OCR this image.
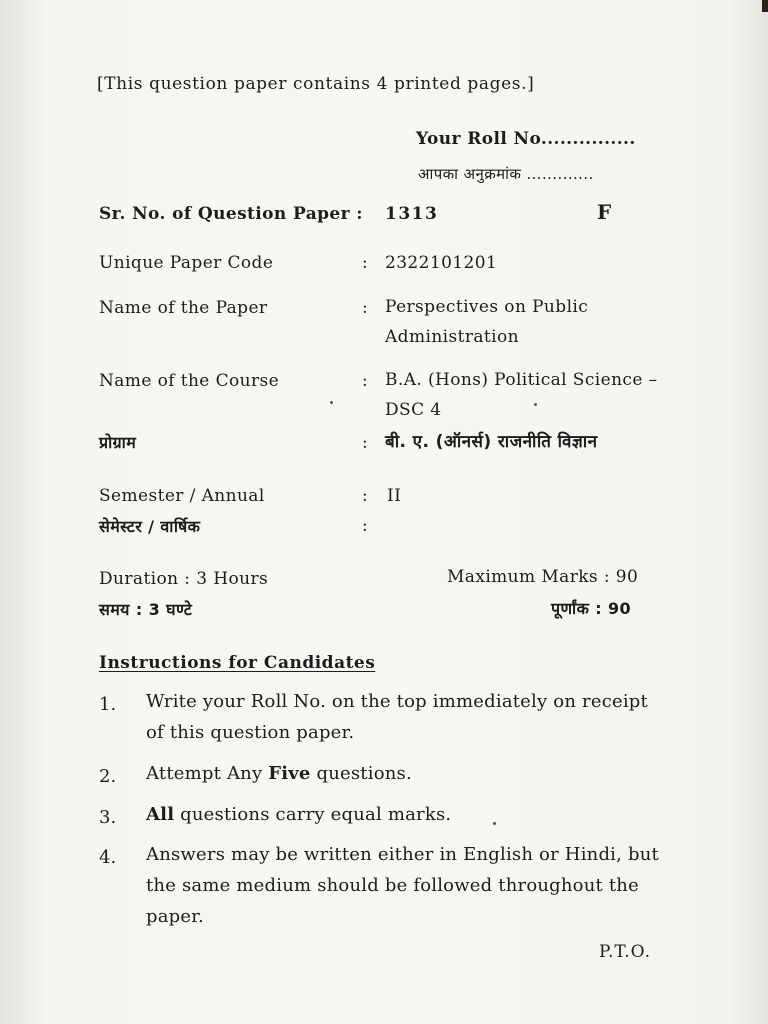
[This question paper contains 4 printed pages.]
Your Roll No...............
आपका अनुक्रमांक .............
Sr. No. of Question Paper : 1313	F
Unique Paper Code	: 2322101201
Name of the Paper	: Perspectives on Public
Administration
Name of the Course	: B.A. (Hons) Political Science –
DSC 4
प्रोग्राम	: बी. ए. (ऑनर्स) राजनीति विज्ञान
Semester / Annual	: II
सेमेस्टर / वार्षिक	:
Duration : 3 Hours	Maximum Marks : 90
समय : 3 घण्टे	पूर्णांक : 90
Instructions for Candidates
1. Write your Roll No. on the top immediately on receipt of this question paper.
2. Attempt Any Five questions.
3. All questions carry equal marks.
4. Answers may be written either in English or Hindi, but the same medium should be followed throughout the paper.
P.T.O.
